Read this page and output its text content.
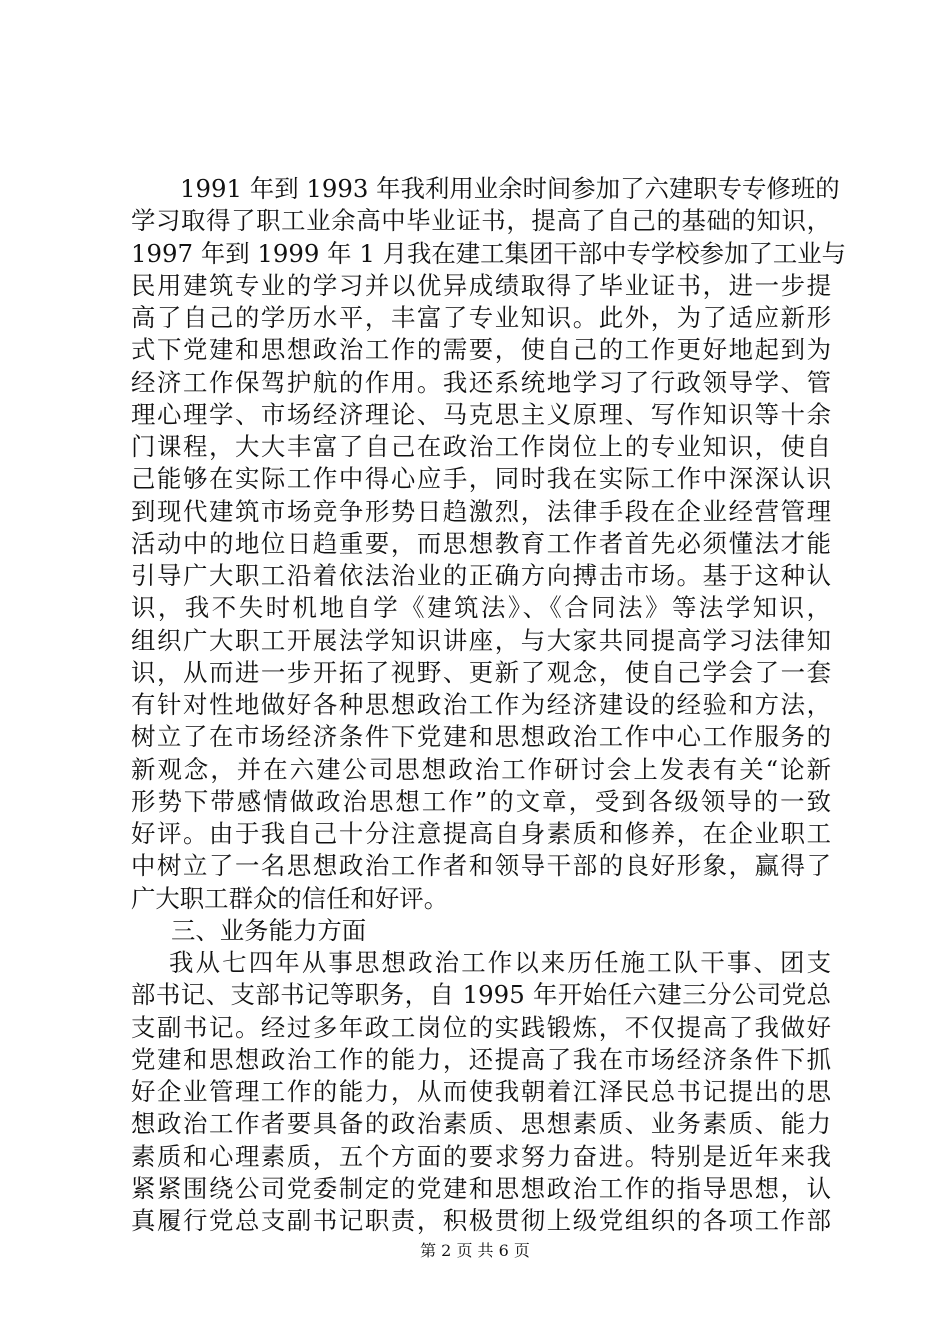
1991 年到 1993 年我利用业余时间参加了六建职专专修班的
学习取得了职工业余高中毕业证书，提高了自己的基础的知识，
1997 年到 1999 年 1 月我在建工集团干部中专学校参加了工业与
民用建筑专业的学习并以优异成绩取得了毕业证书，进一步提
高了自己的学历水平，丰富了专业知识。此外，为了适应新形
式下党建和思想政治工作的需要，使自己的工作更好地起到为
经济工作保驾护航的作用。我还系统地学习了行政领导学、管
理心理学、市场经济理论、马克思主义原理、写作知识等十余
门课程，大大丰富了自己在政治工作岗位上的专业知识，使自
己能够在实际工作中得心应手，同时我在实际工作中深深认识
到现代建筑市场竞争形势日趋激烈，法律手段在企业经营管理
活动中的地位日趋重要，而思想教育工作者首先必须懂法才能
引导广大职工沿着依法治业的正确方向搏击市场。基于这种认
识，我不失时机地自学《建筑法》、《合同法》等法学知识，
组织广大职工开展法学知识讲座，与大家共同提高学习法律知
识，从而进一步开拓了视野、更新了观念，使自己学会了一套
有针对性地做好各种思想政治工作为经济建设的经验和方法，
树立了在市场经济条件下党建和思想政治工作中心工作服务的
新观念，并在六建公司思想政治工作研讨会上发表有关“论新
形势下带感情做政治思想工作”的文章，受到各级领导的一致
好评。由于我自己十分注意提高自身素质和修养，在企业职工
中树立了一名思想政治工作者和领导干部的良好形象，赢得了
广大职工群众的信任和好评。
三、业务能力方面
我从七四年从事思想政治工作以来历任施工队干事、团支
部书记、支部书记等职务，自 1995 年开始任六建三分公司党总
支副书记。经过多年政工岗位的实践锻炼，不仅提高了我做好
党建和思想政治工作的能力，还提高了我在市场经济条件下抓
好企业管理工作的能力，从而使我朝着江泽民总书记提出的思
想政治工作者要具备的政治素质、思想素质、业务素质、能力
素质和心理素质，五个方面的要求努力奋进。特别是近年来我
紧紧围绕公司党委制定的党建和思想政治工作的指导思想，认
真履行党总支副书记职责，积极贯彻上级党组织的各项工作部
第 2 页 共 6 页
